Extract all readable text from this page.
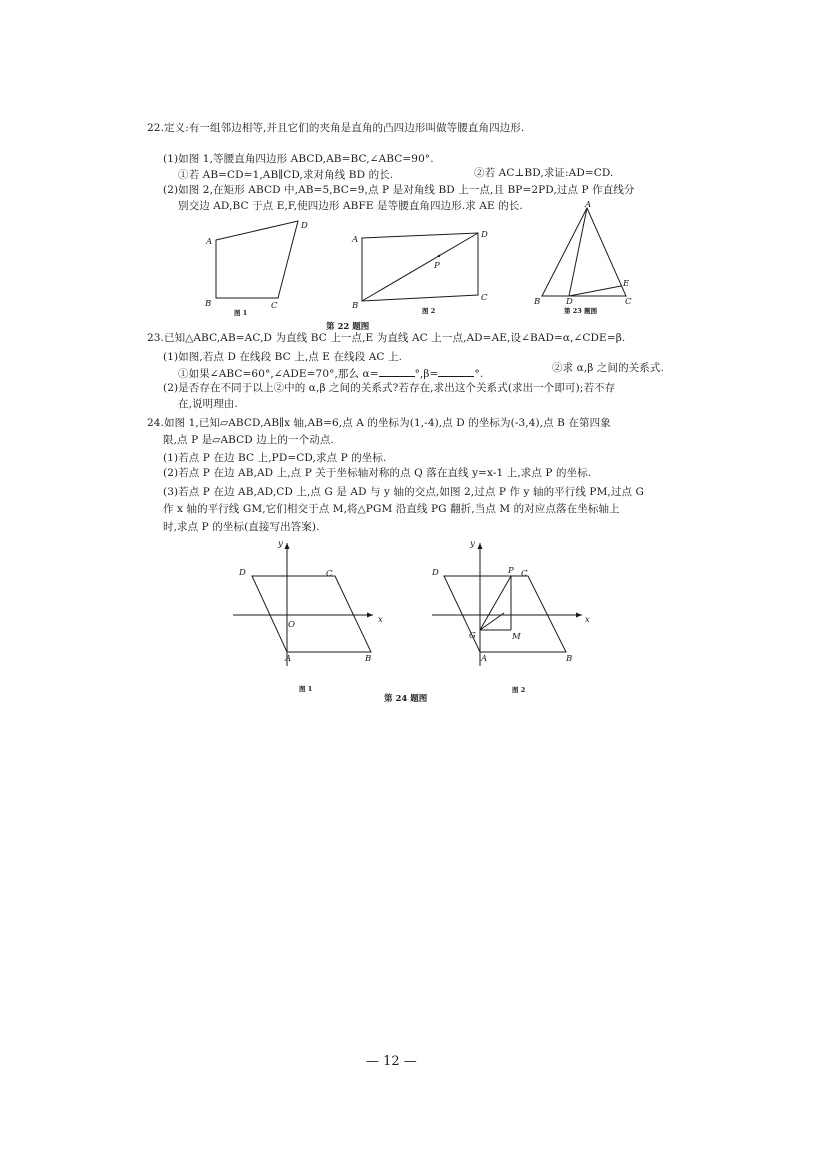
22.定义:有一组邻边相等,并且它们的夹角是直角的凸四边形叫做等腰直角四边形.
(1)如图 1,等腰直角四边形 ABCD,AB=BC,∠ABC=90°.
①若 AB=CD=1,AB∥CD,求对角线 BD 的长.	②若 AC⊥BD,求证:AD=CD.
(2)如图 2,在矩形 ABCD 中,AB=5,BC=9,点 P 是对角线 BD 上一点,且 BP=2PD,过点 P 作直线分
别交边 AD,BC 于点 E,F,使四边形 ABFE 是等腰直角四边形.求 AE 的长.
A
D
B	C
图 1
A	D
P
B
C
图 2
A
B	D
E
C
第 23 题图
第 22 题图
23.已知△ABC,AB=AC,D 为直线 BC 上一点,E 为直线 AC 上一点,AD=AE,设∠BAD=α,∠CDE=β.
(1)如图,若点 D 在线段 BC 上,点 E 在线段 AC 上.
①如果∠ABC=60°,∠ADE=70°,那么 α=	°,β=	°.	②求 α,β 之间的关系式.
(2)是否存在不同于以上②中的 α,β 之间的关系式?若存在,求出这个关系式(求出一个即可);若不存
在,说明理由.
24.如图 1,已知▱ABCD,AB∥x 轴,AB=6,点 A 的坐标为(1,-4),点 D 的坐标为(-3,4),点 B 在第四象
限,点 P 是▱ABCD 边上的一个动点.
(1)若点 P 在边 BC 上,PD=CD,求点 P 的坐标.
(2)若点 P 在边 AB,AD 上,点 P 关于坐标轴对称的点 Q 落在直线 y=x-1 上,求点 P 的坐标.
(3)若点 P 在边 AB,AD,CD 上,点 G 是 AD 与 y 轴的交点,如图 2,过点 P 作 y 轴的平行线 PM,过点 G
作 x 轴的平行线 GM,它们相交于点 M,将△PGM 沿直线 PG 翻折,当点 M 的对应点落在坐标轴上
时,求点 P 的坐标(直接写出答案).
x
y
O
D	C
A	B
图 1
x
y
D	P C
G	M
A	B
图 2
第 24 题图
— 12 —
